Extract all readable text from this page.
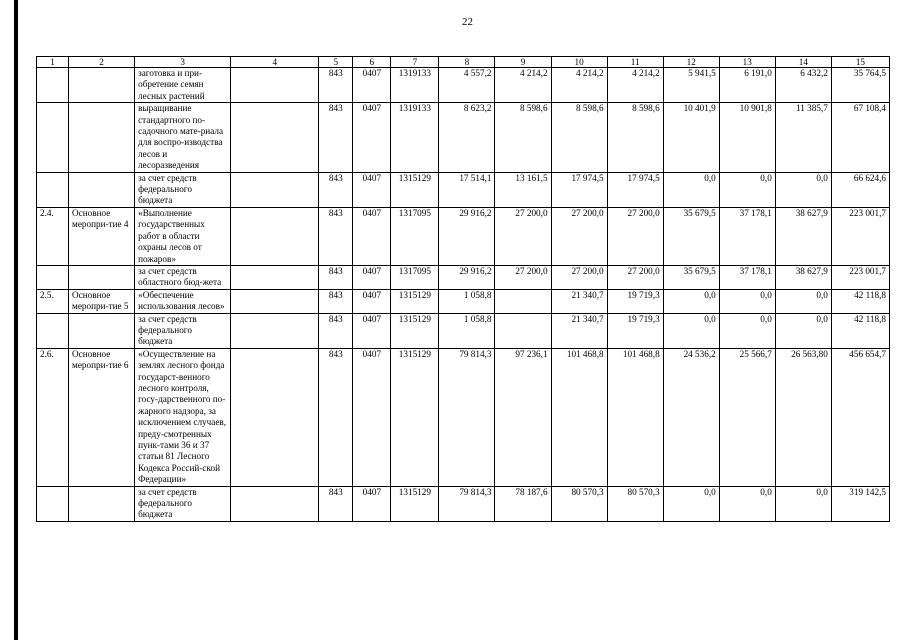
22
1	2	3	4	5	6	7	8	9	10	11	12	13	14	15
		заготовка и при-обретение семян лесных растений		843	0407	1319133	4 557,2	4 214,2	4 214,2	4 214,2	5 941,5	6 191,0	6 432,2	35 764,5
		выращивание стандартного по-садочного мате-риала для воспро-изводства лесов и лесоразведения		843	0407	1319133	8 623,2	8 598,6	8 598,6	8 598,6	10 401,9	10 901,8	11 385,7	67 108,4
		за счет средств федерального бюджета		843	0407	1315129	17 514,1	13 161,5	17 974,5	17 974,5	0,0	0,0	0,0	66 624,6
2.4.	Основное меропри-тие 4	«Выполнение государственных работ в области охраны лесов от пожаров»		843	0407	1317095	29 916,2	27 200,0	27 200,0	27 200,0	35 679,5	37 178,1	38 627,9	223 001,7
		за счет средств областного бюд-жета		843	0407	1317095	29 916,2	27 200,0	27 200,0	27 200,0	35 679,5	37 178,1	38 627,9	223 001,7
2.5.	Основное меропри-тие 5	«Обеспечение использования лесов»		843	0407	1315129	1 058,8		21 340,7	19 719,3	0,0	0,0	0,0	42 118,8
		за счет средств федерального бюджета		843	0407	1315129	1 058,8		21 340,7	19 719,3	0,0	0,0	0,0	42 118,8
2.6.	Основное меропри-тие 6	«Осуществление на землях лесного фонда государст-венного лесного контроля, госу-дарственного по-жарного надзора, за исключением случаев, преду-смотренных пунк-тами 36 и 37 статьи 81 Лесного Кодекса Россий-ской Федерации»		843	0407	1315129	79 814,3	97 236,1	101 468,8	101 468,8	24 536,2	25 566,7	26 563,80	456 654,7
		за счет средств федерального бюджета		843	0407	1315129	79 814,3	78 187,6	80 570,3	80 570,3	0,0	0,0	0,0	319 142,5
